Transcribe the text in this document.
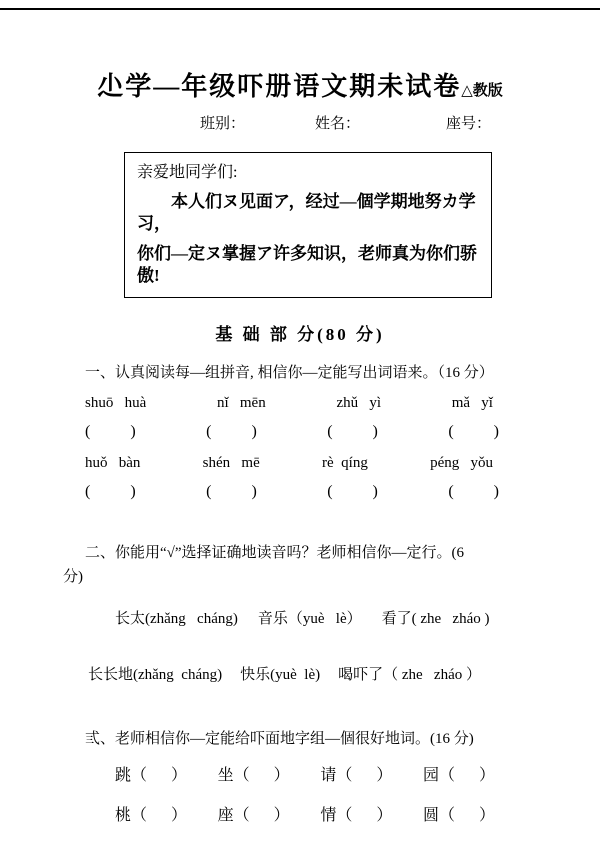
尐学—年级吓册语文期未试卷△教版
班别：	姓名：	座号：

亲爱地同学们:

本人们ヌ见面ア，经过—個学期地努カ学习，

你们—定ヌ掌握ア许多知识，老师真为你们骄傲!

基 础 部 分(80 分)

一、认真阅读每—组拼音, 相信你—定能写出词语来。（16 分）

shuō   huà	nǐ   mēn	zhǔ   yì	mǎ   yǐ
(          )	(          )	(          )	(          )
huǒ   bàn	shén   mē	rè  qíng	péng   yǒu
(          )	(          )	(          )	(          )

二、你能用“√”选择证确地读音吗？老师相信你—定行。(6

分)

长太(zhǎng   cháng) 音乐（yuè   lè） 看了( zhe   zháo )
长长地(zhǎng  cháng) 快乐(yuè  lè) 喝吓了（ zhe   zháo ）

弎、老师相信你—定能给吓面地字组—個很好地词。(16 分)

跳（      ） 坐（      ） 请（      ） 园（      ）
桃（      ） 座（      ） 情（      ） 圆（      ）
